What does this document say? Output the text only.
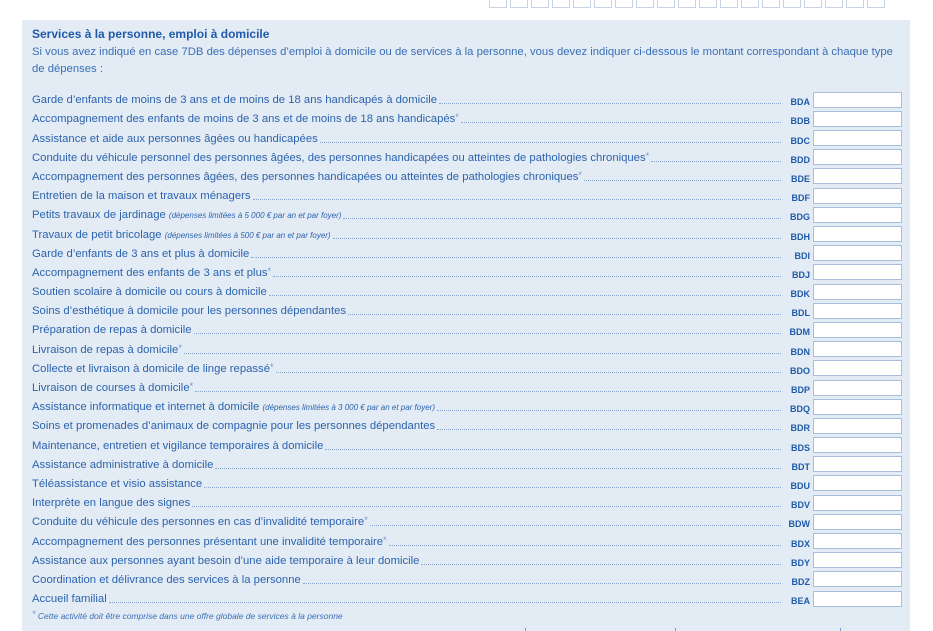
Services à la personne, emploi à domicile
Si vous avez indiqué en case 7DB des dépenses d’emploi à domicile ou de services à la personne, vous devez indiquer ci-dessous le montant correspondant à chaque type de dépenses :
Garde d’enfants de moins de 3 ans et de moins de 18 ans handicapés à domicile	BDA
Accompagnement des enfants de moins de 3 ans et de moins de 18 ans handicapés*	BDB
Assistance et aide aux personnes âgées ou handicapées	BDC
Conduite du véhicule personnel des personnes âgées, des personnes handicapées ou atteintes de pathologies chroniques*	BDD
Accompagnement des personnes âgées, des personnes handicapées ou atteintes de pathologies chroniques*	BDE
Entretien de la maison et travaux ménagers	BDF
Petits travaux de jardinage (dépenses limitées à 5 000 € par an et par foyer)	BDG
Travaux de petit bricolage (dépenses limitées à 500 € par an et par foyer)	BDH
Garde d’enfants de 3 ans et plus à domicile	BDI
Accompagnement des enfants de 3 ans et plus*	BDJ
Soutien scolaire à domicile ou cours à domicile	BDK
Soins d’esthétique à domicile pour les personnes dépendantes	BDL
Préparation de repas à domicile	BDM
Livraison de repas à domicile*	BDN
Collecte et livraison à domicile de linge repassé*	BDO
Livraison de courses à domicile*	BDP
Assistance informatique et internet à domicile (dépenses limitées à 3 000 € par an et par foyer)	BDQ
Soins et promenades d’animaux de compagnie pour les personnes dépendantes	BDR
Maintenance, entretien et vigilance temporaires à domicile	BDS
Assistance administrative à domicile	BDT
Téléassistance et visio assistance	BDU
Interprète en langue des signes	BDV
Conduite du véhicule des personnes en cas d’invalidité temporaire*	BDW
Accompagnement des personnes présentant une invalidité temporaire*	BDX
Assistance aux personnes ayant besoin d’une aide temporaire à leur domicile	BDY
Coordination et délivrance des services à la personne	BDZ
Accueil familial	BEA
* Cette activité doit être comprise dans une offre globale de services à la personne
